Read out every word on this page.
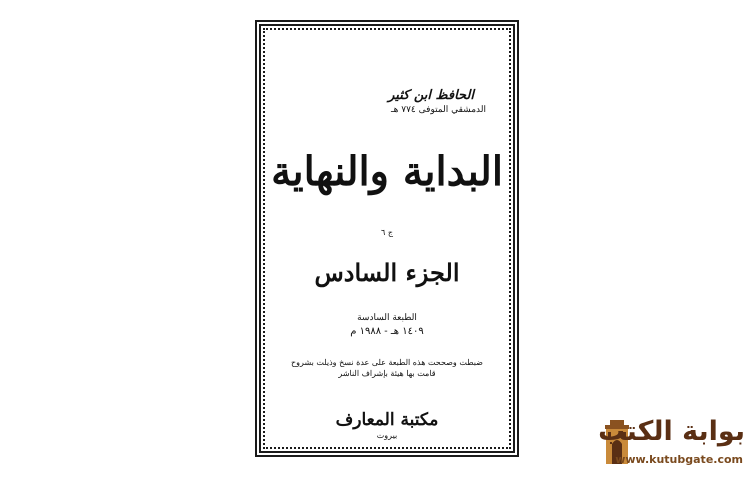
الحافظ ابن كثير
الدمشقي المتوفى ٧٧٤ هـ
البداية والنهاية
ج ٦
الجزء السادس
الطبعة السادسة
١٤٠٩ هـ - ١٩٨٨ م
ضبطت وصححت هذه الطبعة على عدة نسخ وذيلت بشروح
قامت بها هيئة بإشراف الناشر
مكتبة المعارف
بيروت	بوابة الكتب
www.kutubgate.com
